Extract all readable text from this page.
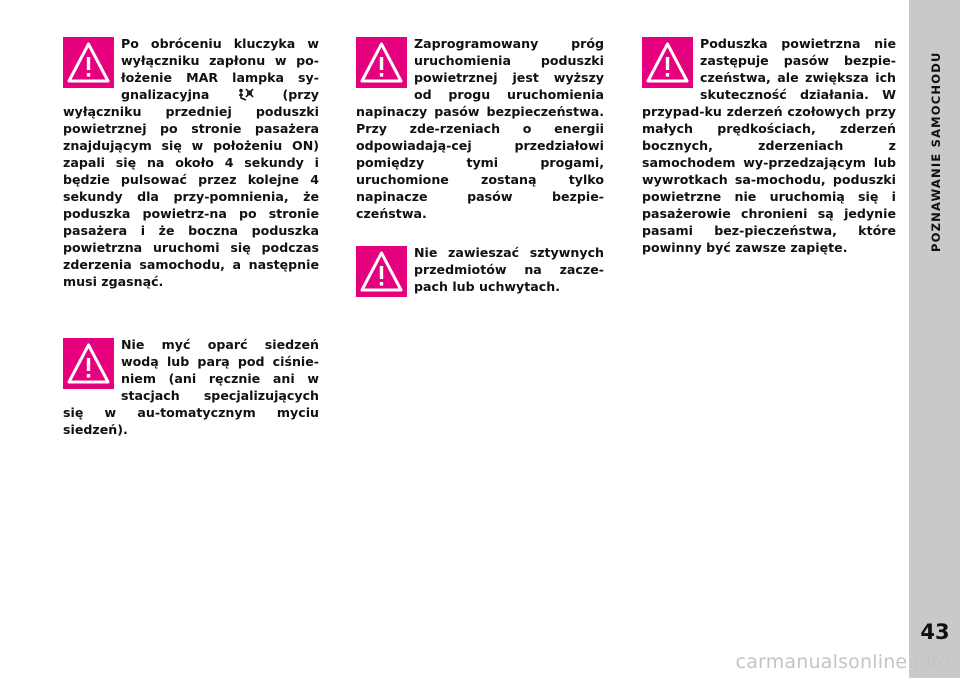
POZNAWANIE SAMOCHODU
43
Po obróceniu kluczyka w wyłączniku zapłonu w po-łożenie MAR lampka sy-gnalizacyjna  (przy wyłączniku przedniej poduszki powietrznej po stronie pasażera znajdującym się w położeniu ON) zapali się na około 4 sekundy i będzie pulsować przez kolejne 4 sekundy dla przy-pomnienia, że poduszka powietrz-na po stronie pasażera i że boczna poduszka powietrzna uruchomi się podczas zderzenia samochodu, a następnie musi zgasnąć.
Nie myć oparć siedzeń wodą lub parą pod ciśnie-niem (ani ręcznie ani w stacjach specjalizujących się w au-tomatycznym myciu siedzeń).
Zaprogramowany próg uruchomienia poduszki powietrznej jest wyższy od progu uruchomienia napinaczy pasów bezpieczeństwa. Przy zde-rzeniach o energii odpowiadają-cej przedziałowi pomiędzy tymi progami, uruchomione zostaną tylko napinacze pasów bezpie-czeństwa.
Nie zawieszać sztywnych przedmiotów na zacze-pach lub uchwytach.
Poduszka powietrzna nie zastępuje pasów bezpie-czeństwa, ale zwiększa ich skuteczność działania. W przypad-ku zderzeń czołowych przy małych prędkościach, zderzeń bocznych, zderzeniach z samochodem wy-przedzającym lub wywrotkach sa-mochodu, poduszki powietrzne nie uruchomią się i pasażerowie chronieni są jedynie pasami bez-pieczeństwa, które powinny być zawsze zapięte.
carmanualsonline.info
